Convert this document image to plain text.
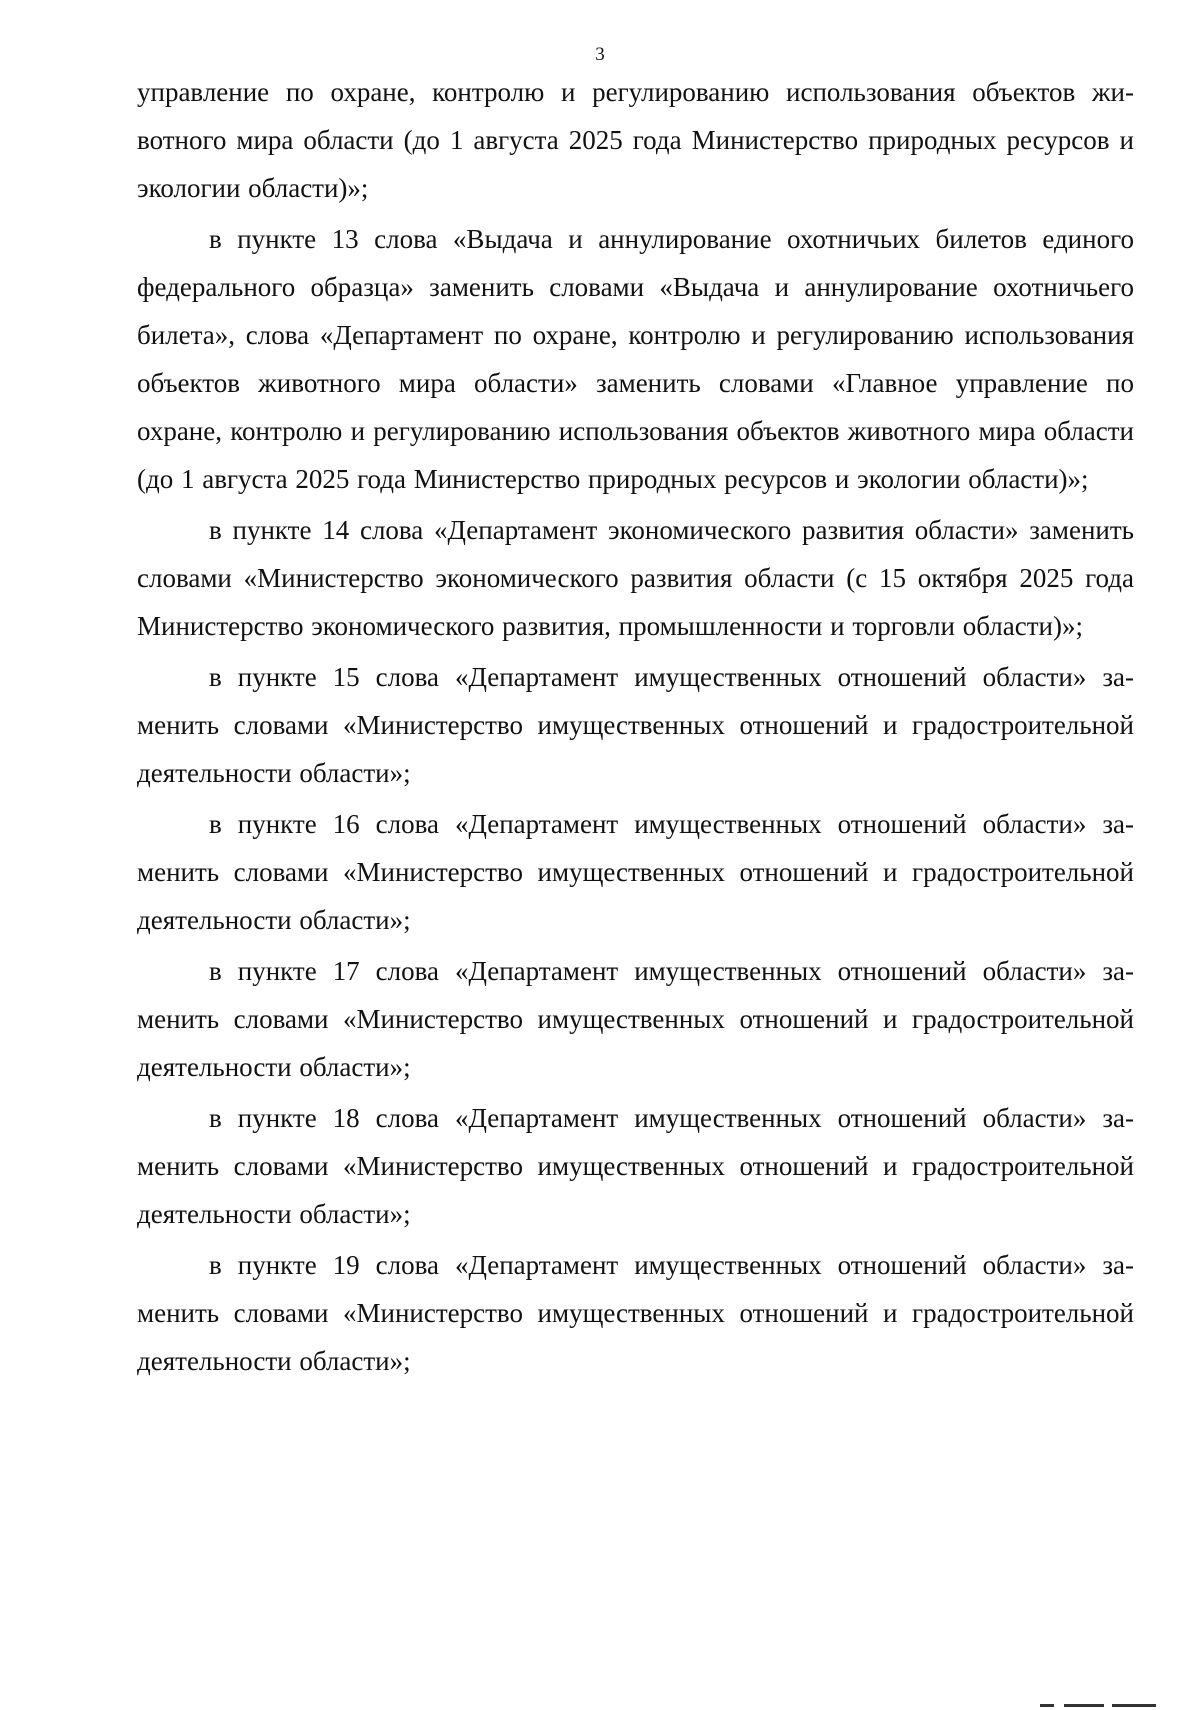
3

управление по охране, контролю и регулированию использования объектов животного мира области (до 1 августа 2025 года Министерство природных ресурсов и экологии области)»;

в пункте 13 слова «Выдача и аннулирование охотничьих билетов единого федерального образца» заменить словами «Выдача и аннулирование охотничьего билета», слова «Департамент по охране, контролю и регулированию использования объектов животного мира области» заменить словами «Главное управление по охране, контролю и регулированию использования объектов животного мира области (до 1 августа 2025 года Министерство природных ресурсов и экологии области)»;

в пункте 14 слова «Департамент экономического развития области» заменить словами «Министерство экономического развития области (с 15 октября 2025 года Министерство экономического развития, промышленности и торговли области)»;

в пункте 15 слова «Департамент имущественных отношений области» заменить словами «Министерство имущественных отношений и градостроительной деятельности области»;

в пункте 16 слова «Департамент имущественных отношений области» заменить словами «Министерство имущественных отношений и градостроительной деятельности области»;

в пункте 17 слова «Департамент имущественных отношений области» заменить словами «Министерство имущественных отношений и градостроительной деятельности области»;

в пункте 18 слова «Департамент имущественных отношений области» заменить словами «Министерство имущественных отношений и градостроительной деятельности области»;

в пункте 19 слова «Департамент имущественных отношений области» заменить словами «Министерство имущественных отношений и градостроительной деятельности области»;
